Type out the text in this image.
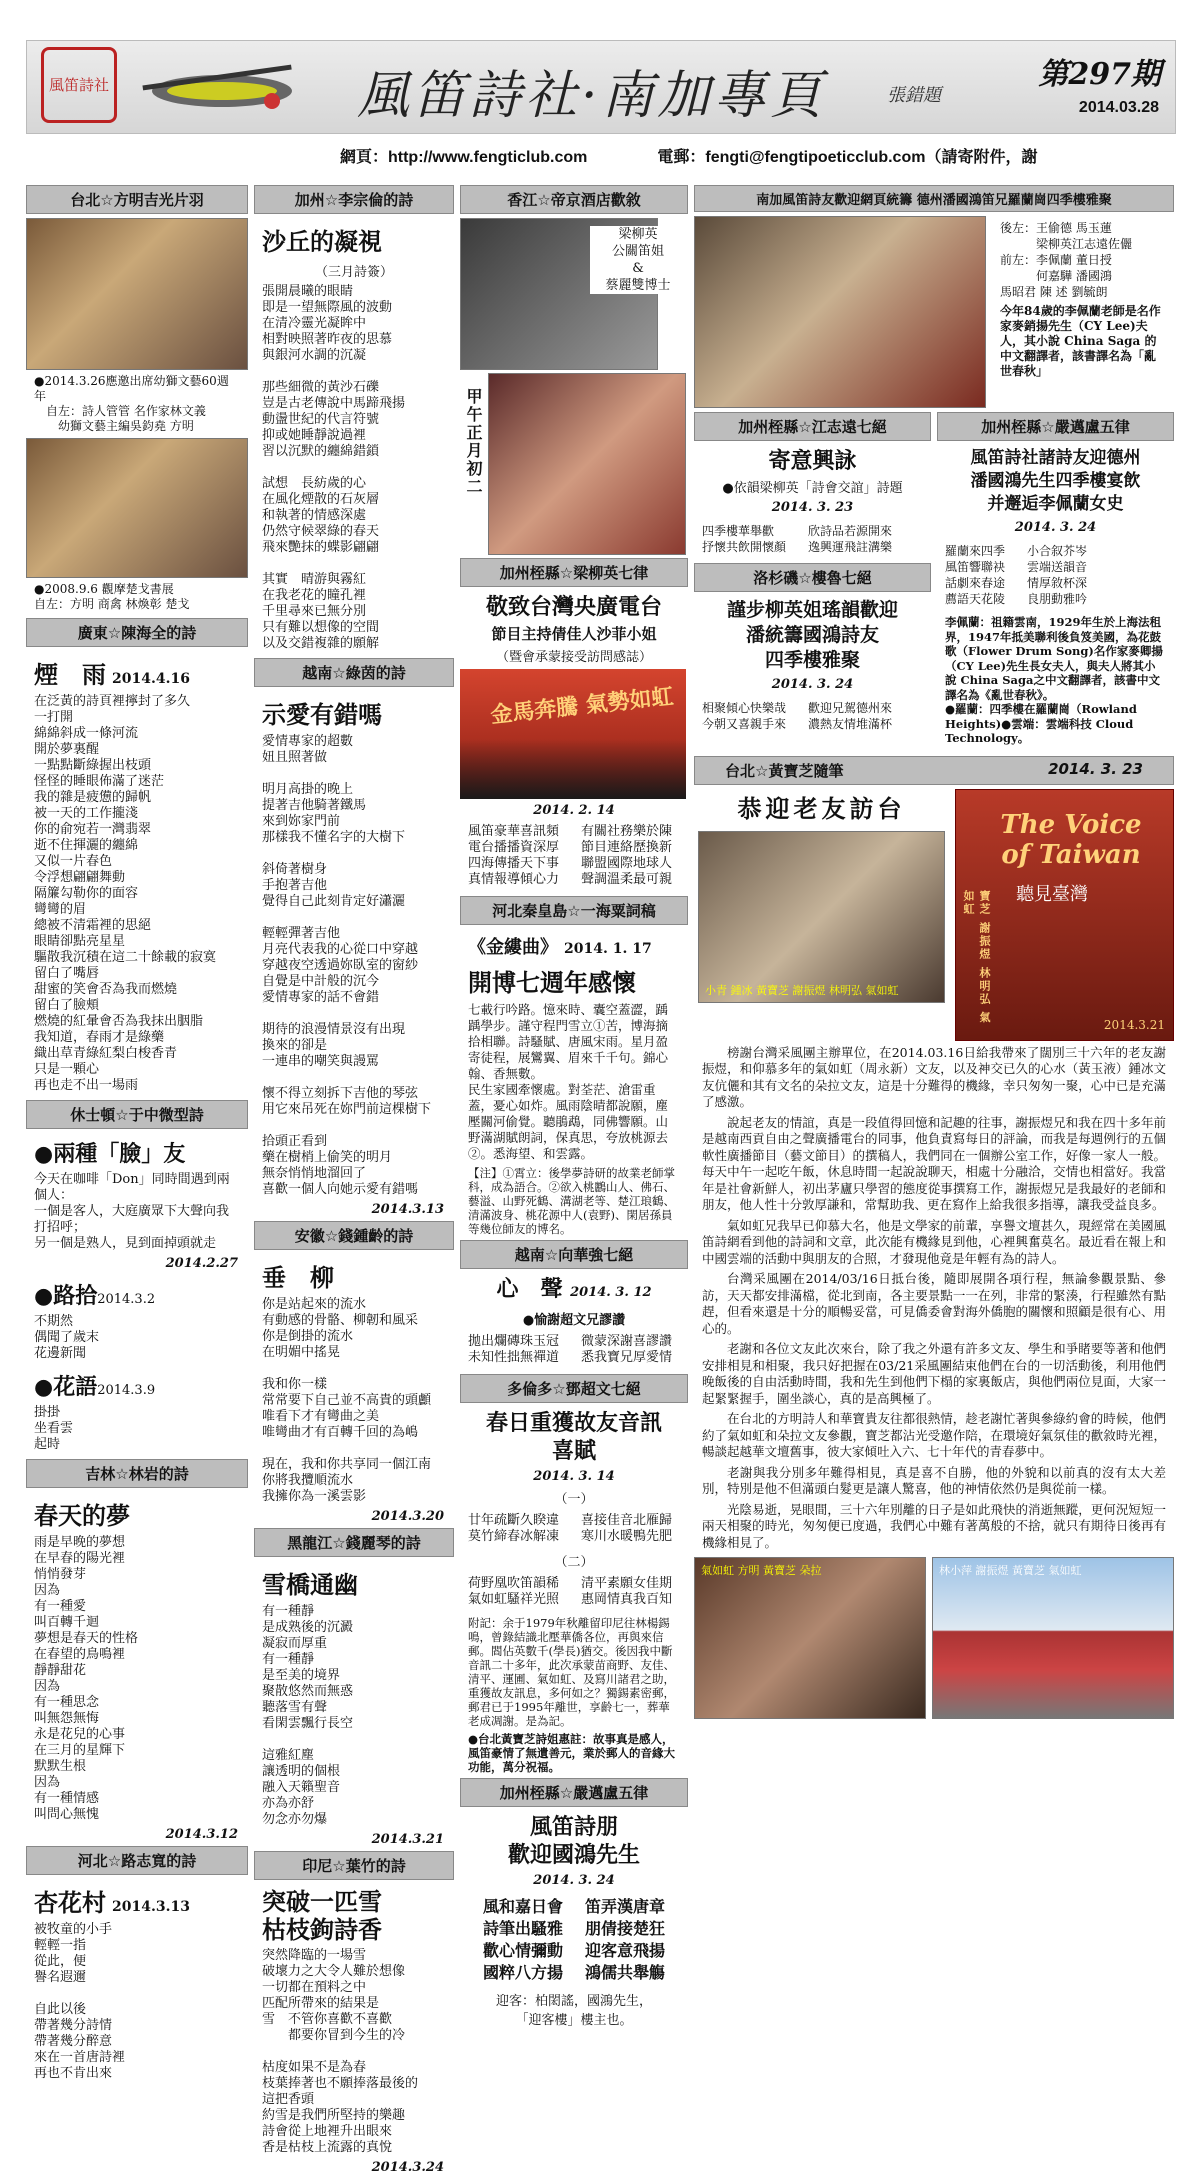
風笛詩社	風笛詩社·南加專頁	張錯題
第297期
2014.03.28
網頁：http://www.fengticlub.com	電郵：fengti@fengtipoeticclub.com（請寄附件，謝
台北☆方明吉光片羽
●2014.3.26應邀出席幼獅文藝60週年
　自左：詩人管管 名作家林文義
　　幼獅文藝主編吳鈞堯 方明
●2008.9.6 觀摩楚戈書展
自左：方明 商禽 林煥彰 楚戈
廣東☆陳海全的詩
煙　雨 2014.4.16
在泛黃的詩頁裡擰封了多久
一打開
綿綿斜成一條河流
開於夢裏醒
一點點斷綠握出枝頭
怪怪的睡眼佈滿了迷茫
我的雜是疲憊的歸帆
被一天的工作攏淺
你的俞宛若一灣翡翠
逝不住揮灑的纏綿
又似一片春色
令浮想翩翩舞動
隔簾勾勒你的面容
彎彎的眉
總被不清霜裡的思絕
眼睛卻點亮星星
驅散我沉積在這二十餘載的寂寞
留白了嘴唇
甜蜜的笑會否為我而燃燒
留白了臉頰
燃燒的紅暈會否為我抹出胭脂
我知道，春雨才是綠藥
織出草青綠紅梨白梭香青
只是一顆心
再也走不出一場雨
休士頓☆于中微型詩
●兩種「臉」友
今天在咖啡「Don」同時間遇到兩個人：
一個是客人，大庭廣眾下大聲向我打招呼；
另一個是熟人，見到面掉頭就走
2014.2.27
●路拾2014.3.2
不期然
偶聞了歲末
花邊新聞
●花語2014.3.9
掛掛
坐看雲
起時
吉林☆林岩的詩
春天的夢
雨是早晚的夢想
在早春的陽光裡
悄悄發芽
因為
有一種愛
叫百轉千迴
夢想是春天的性格
在春望的鳥鳴裡
靜靜甜花
因為
有一種思念
叫無怨無悔
永是花兒的心事
在三月的星輝下
默默生根
因為
有一種情感
叫問心無愧
2014.3.12
河北☆路志寬的詩
杏花村 2014.3.13
被牧童的小手
輕輕一指
從此，便
譽名遐邇

自此以後
帶著幾分詩情
帶著幾分醉意
來在一首唐詩裡
再也不肯出來
加州☆李宗倫的詩
沙丘的凝視
（三月詩簽）
張開晨曦的眼睛
即是一望無際風的波動
在清冷靈光凝眸中
相對映照著昨夜的思慕
與銀河水調的沉凝

那些細微的黃沙石礫
豈是古老傳說中馬蹄飛揚
動盪世紀的代言符號
抑或她睡靜說過裡
習以沉默的纏綿錯鎖

試想　長紡歲的心
在風化煙散的石灰層
和執著的情感深處
仍然守候翠綠的春天
飛來艷抹的蝶影翩翩

其實　晴游與霧紅
在我老花的瞳孔裡
千里尋來已無分別
只有難以想像的空間
以及交錯複雜的願解
越南☆綠茵的詩
示愛有錯嗎
愛情專家的超數
妞且照著做

明月高掛的晚上
提著吉他騎著鐵馬
來到妳家門前
那樣我不懂名字的大樹下

斜倚著樹身
手抱著吉他
覺得自己此刻肯定好瀟灑

輕輕彈著吉他
月亮代表我的心從口中穿越
穿越夜空透過妳臥室的窗紗
自覺是中計般的沉今
愛情專家的話不會錯

期待的浪漫情景沒有出現
換來的卻是
一連串的嘲笑與謾罵

懷不得立刻拆下吉他的琴弦
用它來吊死在妳門前這棵樹下

拾頭正看到
藥在樹梢上偷笑的明月
無奈悄悄地溜回了
喜歡一個人向她示愛有錯嗎
2014.3.13
安徽☆錢鍾齡的詩
垂　柳
你是站起來的流水
有動感的骨骼、柳韌和風采
你是倒掛的流水
在明媚中搖晃

我和你一樣
常常要下自己並不高貴的頭顱
唯看下才有彎曲之美
唯彎曲才有百轉千回的為嶋

現在，我和你共享同一個江南
你將我攬順流水
我擁你為一溪雲影
2014.3.20
黑龍江☆錢麗琴的詩
雪橋通幽
有一種靜
是成熟後的沉澱
凝寂而厚重
有一種靜
是至美的境界
聚散悠然而無惑
聽落雪有聲
看閑雲飄行長空

這雅紅塵
讓透明的個根
融入天籟聖音
亦為亦舒
勿念亦勿爆
2014.3.21
印尼☆葉竹的詩
突破一匹雪
枯枝鉤詩香
突然降臨的一場雪
破壞力之大令人難於想像
一切都在預料之中
匹配所帶來的結果是
雪　不管你喜歡不喜歡
　　都要你冒到今生的冷

枯度如果不是為春
枝葉捧著也不願捧落最後的
這把香頭
約雪是我們所堅持的樂趣
詩會從上地裡升出眼來
香是枯枝上流露的真悅
2014.3.24
香江☆帝京酒店歡敘
梁柳英
公關笛姐
&
蔡麗雙博士
甲午正月初二
加州桎縣☆梁柳英七律
敬致台灣央廣電台
節目主持倩佳人沙菲小姐
（暨會承蒙接受訪問感誌）
金馬奔騰 氣勢如虹
2014. 2. 14
風笛豪華喜訊頻
電台播播資深厚
四海傳播天下事
真情報導傾心力
有關社務樂於陳
節目連絡歷換新
聯盟國際地球人
聲調溫柔最可親
河北秦皇島☆一海粟詞稿
《金縷曲》 2014. 1. 17
開博七週年感懷
七載行吟路。憶來時、囊空蓋澀，踽踽學步。謹守程門雪立①苦，博海摘拾相聯。詩騷賦、唐風宋雨。星月盈寄徒程，展鸞翼、眉來千千句。錦心翰、香無數。
民生家國牽懷處。對荃茫、滄雷重蓋，憂心如炸。風雨陰晴都說願，塵壓關河偷覺。聽鵑鵡，同佛響願。山野滿湖賦朗詞，保真思，夸放桃源去②。悉海望、和雲露。
【注】①霄立：後學夢詩研的故業老師掌科，成為語合。②欲入桃鸝山人、佛石、藝溢、山野死鶴、溝湖老等、楚江琅鶴、清滿波身、桃花源中人(袁野)、閑居孫員等幾位師友的博名。
越南☆向華強七絕
心　聲 2014. 3. 12
●愉謝超文兄謬讚
拋出爛磚珠玉冠
未知性拙無禪道
微蒙深謝喜謬讚
悉我寶兄厚愛情
多倫多☆鄧超文七絕
春日重獲故友音訊
喜賦
2014. 3. 14
（一）
廿年疏斷久睽違
莫竹締春冰解凍
喜接佳音北雁歸
寒川水暖鴨先肥
（二）
荷野凰吹笛韻稀
氣如虹騷祥光照
清平素願女佳期
惠岡情真我百知
附記：余于1979年秋離留印尼往林楊錫鳴，曾錄結識北壓華僑各位，再與來信郵。閻佔英數千(學長)猶交。後因我中斷音訊二十多年，此次承蒙苗商野、友佳、清平、運圃、氣如虹、及寫川諸君之助，重獲故友訊息，多何如之？獨錫素密郵，郵君已于1995年離世，享齡七一，葬華老成凋謝。是為記。
●台北黃寶芝詩姐惠註：故事真是感人，風笛豪情了無遺善元，業於郵人的音緣大功能，萬分祝福。
加州桎縣☆嚴邁盧五律
風笛詩朋
歡迎國鴻先生
2014. 3. 24
風和嘉日會
詩筆出騷雅
歡心情彌動
國粹八方揚
笛弄漢唐章
朋倩接楚狂
迎客意飛揚
鴻儒共舉觴
迎客：柏閎謠，國鴻先生，
「迎客樓」樓主也。
南加風笛詩友歡迎網頁統籌 德州潘國鴻笛兄羅蘭崗四季樓雅聚
後左：王偷德 馬玉蓮
　　　梁柳英江志遠佐儷
前左：李佩蘭 董日授
　　　何嘉驊 潘國鴻
馬昭君 陳 述 劉毓朗
今年84歲的李佩蘭老師是名作家麥銷揚先生（CY Lee)夫人，其小說 China Saga 的中文翻譯者，該書譯名為「亂世春秋」
加州桎縣☆江志遠七絕
寄意興詠
●依韻梁柳英「詩會交誼」詩題
2014. 3. 23
四季樓華舉歡
抒懷共飲開懷顏
欣詩品若源開來
逸興運飛註溝樂
洛杉磯☆樓魯七絕
謹步柳英姐瑤韻歡迎
潘統籌國鴻詩友
四季樓雅聚
2014. 3. 24
相聚傾心快樂哉
今朝又喜親手來
歡迎兄駕德州來
濃熱友情堆滿杯
加州桎縣☆嚴邁盧五律
風笛詩社諸詩友迎德州
潘國鴻先生四季樓宴飲
并邂逅李佩蘭女史
2014. 3. 24
羅蘭來四季
風笛響聯袂
話劇來春途
薦語天花陵
小合叙芥岑
雲端送韻音
情厚敘杯深
良朋動雅吟
李佩蘭：祖籍雲南，1929年生於上海法租界，1947年抵美聯利後負笈美國，為花鼓歌（Flower Drum Song)名作家麥卿揚（CY Lee)先生長女夫人，與夫人將其小說 China Saga之中文翻譯者，該書中文譯名為《亂世春秋》。
●羅蘭：四季樓在羅蘭崗（Rowland Heights)●雲端：雲端科技 Cloud Technology。
台北☆黃寶芝隨筆	2014. 3. 23
恭迎老友訪台
小青 鍾冰 黃寶芝 謝振煜 林明弘 氣如虹
The Voice of Taiwan
聽見臺灣
寶芝 謝振煜 林明弘 氣如虹
2014.3.21
榜謝台灣采風團主辦單位，在2014.03.16日給我帶來了闊別三十六年的老友謝振煜，和仰慕多年的氣如虹（周永新）文友，以及神交已久的心水（黃玉液）鍾冰文友伉儷和其有文名的朵拉文友，這是十分難得的機緣，幸只匆匆一聚，心中已是充滿了感激。
說起老友的情誼，真是一段值得回憶和記趣的往事，謝振煜兄和我在四十多年前是越南西貢自由之聲廣播電台的同事，他負責寫每日的評論，而我是每週例行的五個軟性廣播節目（藝文節目）的撰稿人，我們同在一個辦公室工作，好像一家人一般。每天中午一起吃午飯，休息時間一起說說聊天，相處十分融洽，交情也相當好。我當年是社會新鮮人，初出茅廬只學習的態度從事撰寫工作，謝振煜兄是我最好的老師和朋友，他人性十分敦厚謙和，常幫助我、更在寫作上給我很多指導，讓我受益良多。
氣如虹兄我早已仰慕大名，他是文學家的前輩，享譽文壇甚久，現經常在美國風笛詩網看到他的詩詞和文章，此次能有機緣見到他，心裡興奮莫名。最近看在報上和中國雲端的活動中與朋友的合照，才發現他竟是年輕有為的詩人。
台灣采風團在2014/03/16日抵台後，隨即展開各項行程，無論參觀景點、參訪，天天都安排滿檔，從北到南，各主要景點一一在列，非常的緊湊，行程雖然有點趕，但看來還是十分的順暢妥當，可見僑委會對海外僑胞的關懷和照顧是很有心、用心的。
老謝和各位文友此次來台，除了我之外還有許多文友、學生和爭睹要等著和他們安排相見和相聚，我只好把握在03/21采風團結束他們在台的一切活動後，利用他們晚飯後的自由活動時間，我和先生到他們下榻的家裏飯店，與他們兩位見面，大家一起緊緊握手，圍坐談心，真的是高興極了。
在台北的方明詩人和華寶貴友往都很熱情，趁老謝忙著與參綠約會的時候，他們約了氣如虹和朵拉文友參觀，寶芝都沾光受邀作陪，在環境好氣氛佳的歡敘時光裡，暢談起越華文壇舊事，彼大家傾吐入六、七十年代的青春夢中。
老謝與我分別多年難得相見，真是喜不自勝，他的外貌和以前真的沒有太大差別，特別是他不但滿頭白髮更是讓人驚喜，他的神情依然仍是與從前一樣。
光陰易逝，晃眼間，三十六年別離的日子是如此飛快的消逝無蹤，更何況短短一兩天相聚的時光，匆匆便已度過，我們心中難有著萬般的不捨，就只有期待日後再有機緣相見了。
氣如虹 方明 黃寶芝 朵拉	林小萍 謝振煜 黃寶芝 氣如虹
